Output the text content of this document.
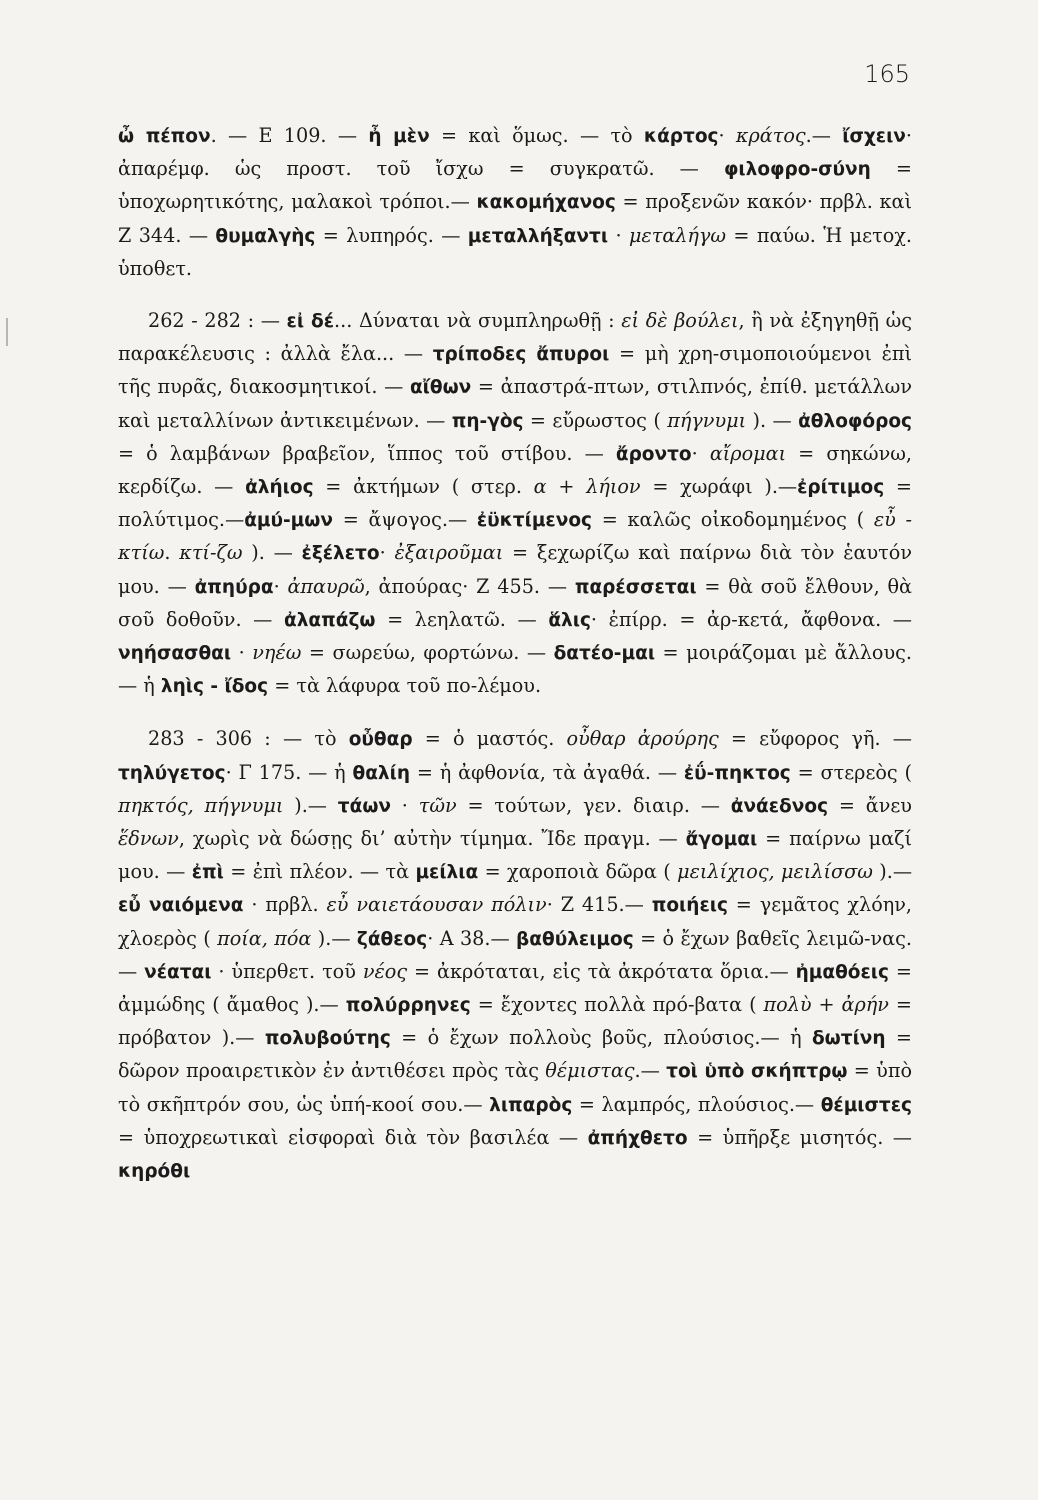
165

ὦ πέπον. — Ε 109. — ἦ μὲν = καὶ ὅμως. — τὸ κάρτος· κράτος.— ἴσχειν· ἀπαρέμφ. ὡς προστ. τοῦ ἴσχω = συγκρατῶ. — φιλοφρο-σύνη = ὑποχωρητικότης, μαλακοὶ τρόποι.— κακομήχανος = προξενῶν κακόν· πρβλ. καὶ Ζ 344. — θυμαλγὴς = λυπηρός. — μεταλλήξαντι · μεταλήγω = παύω. Ἡ μετοχ. ὑποθετ.

262 - 282 : — εἰ δέ... Δύναται νὰ συμπληρωθῇ : εἰ δὲ βούλει, ἢ νὰ ἐξηγηθῇ ὡς παρακέλευσις : ἀλλὰ ἔλα... — τρίποδες ἄπυροι = μὴ χρη-σιμοποιούμενοι ἐπὶ τῆς πυρᾶς, διακοσμητικοί. — αἴθων = ἀπαστρά-πτων, στιλπνός, ἐπίθ. μετάλλων καὶ μεταλλίνων ἀντικειμένων. — πη-γὸς = εὔρωστος ( πήγνυμι ). — ἀθλοφόρος = ὁ λαμβάνων βραβεῖον, ἵππος τοῦ στίβου. — ἄροντο· αἴρομαι = σηκώνω, κερδίζω. — ἀλήιος = ἀκτήμων ( στερ. α + λήιον = χωράφι ).—ἐρίτιμος = πολύτιμος.—ἀμύ-μων = ἄψογος.— ἐϋκτίμενος = καλῶς οἰκοδομημένος ( εὖ - κτίω. κτί-ζω ). — ἐξέλετο· ἐξαιροῦμαι = ξεχωρίζω καὶ παίρνω διὰ τὸν ἑαυτόν μου. — ἀπηύρα· ἀπαυρῶ, ἀπούρας· Ζ 455. — παρέσσεται = θὰ σοῦ ἔλθουν, θὰ σοῦ δοθοῦν. — ἀλαπάζω = λεηλατῶ. — ἅλις· ἐπίρρ. = ἀρ-κετά, ἄφθονα. — νηήσασθαι · νηέω = σωρεύω, φορτώνω. — δατέο-μαι = μοιράζομαι μὲ ἄλλους. — ἡ ληὶς - ἴδος = τὰ λάφυρα τοῦ πο-λέμου.

283 - 306 : — τὸ οὖθαρ = ὁ μαστός. οὖθαρ ἀρούρης = εὔφορος γῆ. — τηλύγετος· Γ 175. — ἡ θαλίη = ἡ ἀφθονία, τὰ ἀγαθά. — ἐΰ-πηκτος = στερεὸς ( πηκτός, πήγνυμι ).— τάων · τῶν = τούτων, γεν. διαιρ. — ἀνάεδνος = ἄνευ ἕδνων, χωρὶς νὰ δώσῃς δι’ αὐτὴν τίμημα. Ἴδε πραγμ. — ἄγομαι = παίρνω μαζί μου. — ἐπὶ = ἐπὶ πλέον. — τὰ μείλια = χαροποιὰ δῶρα ( μειλίχιος, μειλίσσω ).— εὖ ναιόμενα · πρβλ. εὖ ναιετάουσαν πόλιν· Ζ 415.— ποιήεις = γεμᾶτος χλόην, χλοερὸς ( ποία, πόα ).— ζάθεος· Α 38.— βαθύλειμος = ὁ ἔχων βαθεῖς λειμῶ-νας.— νέαται · ὑπερθετ. τοῦ νέος = ἀκρόταται, εἰς τὰ ἀκρότατα ὅρια.— ἠμαθόεις = ἀμμώδης ( ἄμαθος ).— πολύρρηνες = ἔχοντες πολλὰ πρό-βατα ( πολὺ + ἀρήν = πρόβατον ).— πολυβούτης = ὁ ἔχων πολλοὺς βοῦς, πλούσιος.— ἡ δωτίνη = δῶρον προαιρετικὸν ἐν ἀντιθέσει πρὸς τὰς θέμιστας.— τοὶ ὑπὸ σκήπτρῳ = ὑπὸ τὸ σκῆπτρόν σου, ὡς ὑπή-κοοί σου.— λιπαρὸς = λαμπρός, πλούσιος.— θέμιστες = ὑποχρεωτικαὶ εἰσφοραὶ διὰ τὸν βασιλέα — ἀπήχθετο = ὑπῆρξε μισητός. — κηρόθι
